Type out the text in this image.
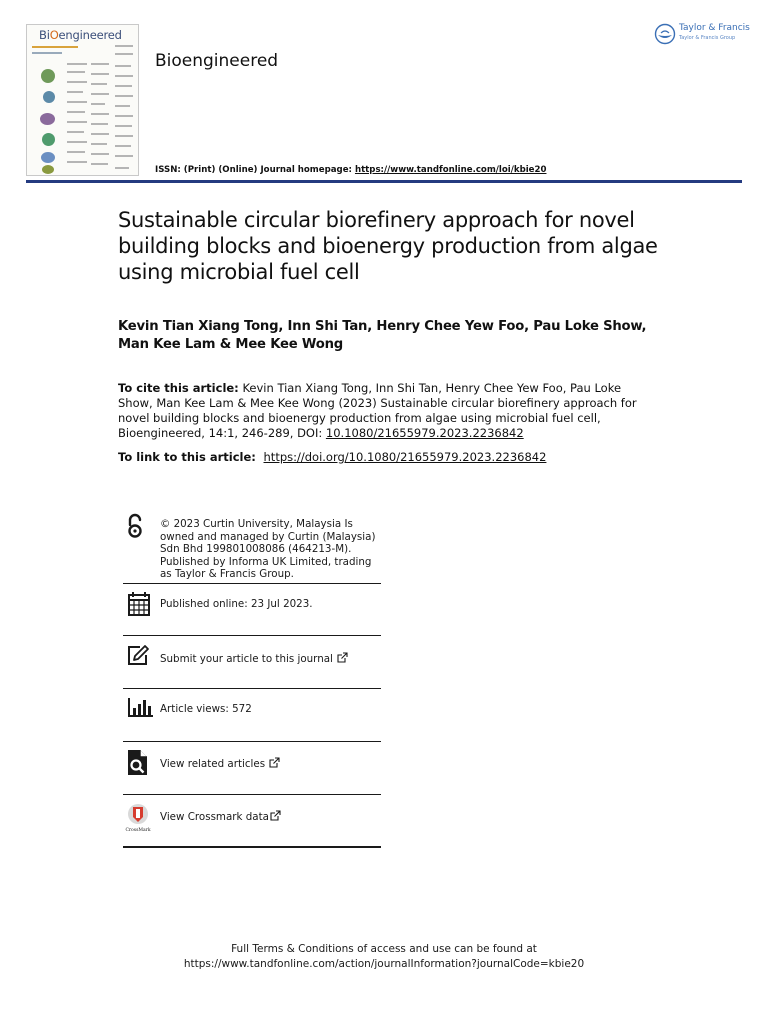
BiOengineered
Bioengineered
Taylor & Francis
Taylor & Francis Group
ISSN: (Print) (Online) Journal homepage: https://www.tandfonline.com/loi/kbie20
Sustainable circular biorefinery approach for novel building blocks and bioenergy production from algae using microbial fuel cell
Kevin Tian Xiang Tong, Inn Shi Tan, Henry Chee Yew Foo, Pau Loke Show, Man Kee Lam & Mee Kee Wong
To cite this article: Kevin Tian Xiang Tong, Inn Shi Tan, Henry Chee Yew Foo, Pau Loke Show, Man Kee Lam & Mee Kee Wong (2023) Sustainable circular biorefinery approach for novel building blocks and bioenergy production from algae using microbial fuel cell, Bioengineered, 14:1, 246-289, DOI: 10.1080/21655979.2023.2236842
To link to this article: https://doi.org/10.1080/21655979.2023.2236842
© 2023 Curtin University, Malaysia Is owned and managed by Curtin (Malaysia) Sdn Bhd 199801008086 (464213-M). Published by Informa UK Limited, trading as Taylor & Francis Group.
Published online: 23 Jul 2023.
Submit your article to this journal
Article views: 572
View related articles
CrossMark
View Crossmark data
Full Terms & Conditions of access and use can be found at
https://www.tandfonline.com/action/journalInformation?journalCode=kbie20
